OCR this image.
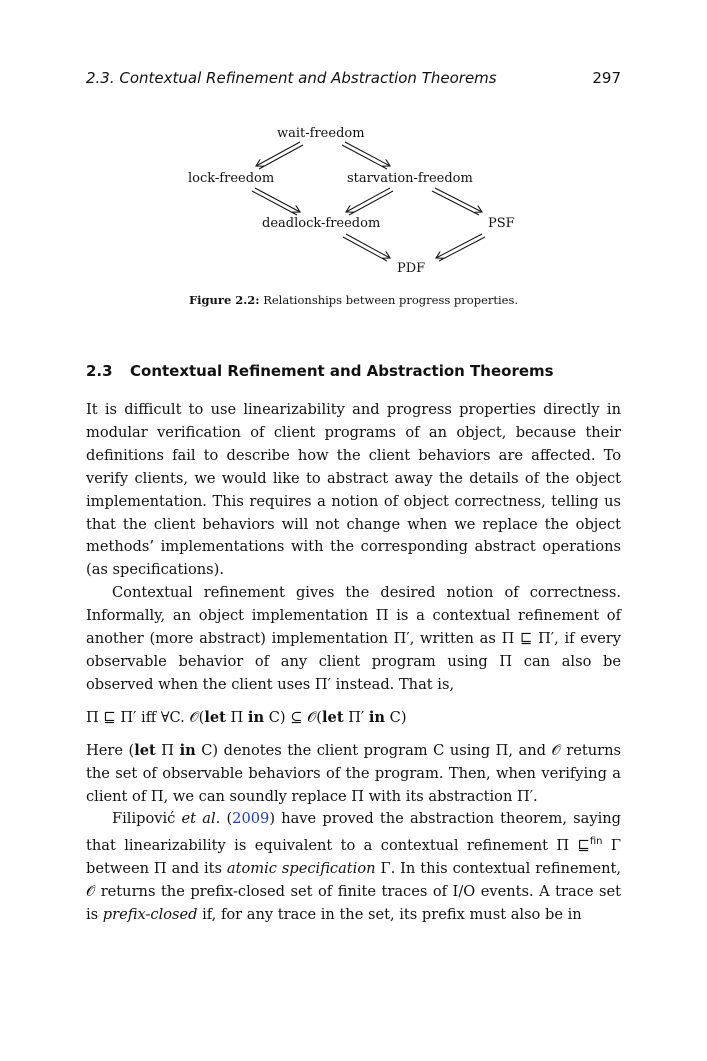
2.3. Contextual Refinement and Abstraction Theorems	297
wait-freedom
lock-freedom	starvation-freedom
deadlock-freedom	PSF
PDF
Figure 2.2: Relationships between progress properties.
2.3 Contextual Refinement and Abstraction Theorems

It is difficult to use linearizability and progress properties directly in modular verification of client programs of an object, because their definitions fail to describe how the client behaviors are affected. To verify clients, we would like to abstract away the details of the object implementation. This requires a notion of object correctness, telling us that the client behaviors will not change when we replace the object methods’ implementations with the corresponding abstract operations (as specifications).

Contextual refinement gives the desired notion of correctness. Informally, an object implementation Π is a contextual refinement of another (more abstract) implementation Π′, written as Π ⊑ Π′, if every observable behavior of any client program using Π can also be observed when the client uses Π′ instead. That is,

Π ⊑ Π′ iff ∀C. 𝒪(let Π in C) ⊆ 𝒪(let Π′ in C)

Here (let Π in C) denotes the client program C using Π, and 𝒪 returns the set of observable behaviors of the program. Then, when verifying a client of Π, we can soundly replace Π with its abstraction Π′.

Filipović et al. (2009) have proved the abstraction theorem, saying that linearizability is equivalent to a contextual refinement Π ⊑$^{fin}$ Γ between Π and its atomic specification Γ. In this contextual refinement, 𝒪 returns the prefix-closed set of finite traces of I/O events. A trace set is prefix-closed if, for any trace in the set, its prefix must also be in
